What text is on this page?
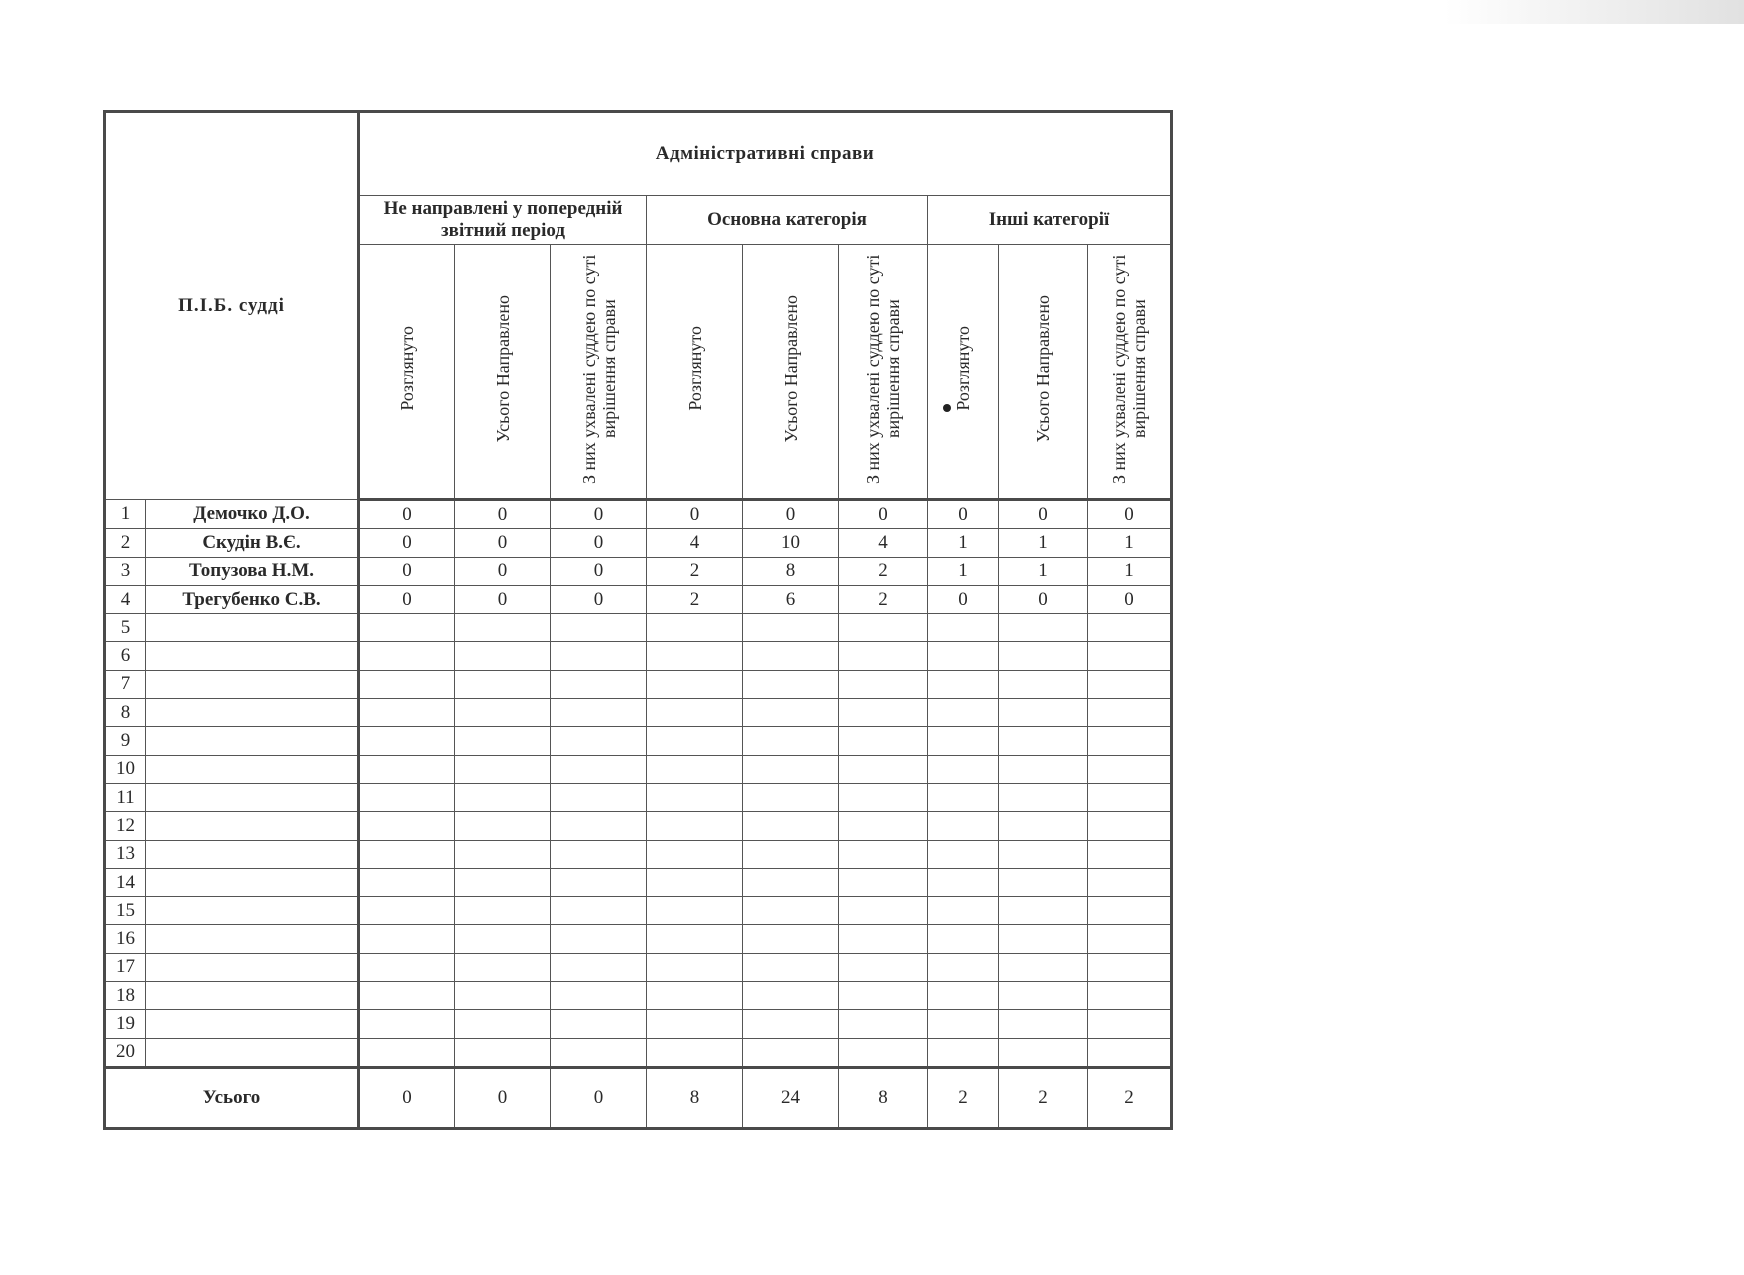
П.І.Б. судді		Адміністративні справи								
		Не направлені у попередній звітний період			Основна категорія			Інші категорії		
		Розглянуто	Усього Направлено	З них ухвалені суддею по суті вирішення справи	Розглянуто	Усього Направлено	З них ухвалені суддею по суті вирішення справи	Розглянуто	Усього Направлено	З них ухвалені суддею по суті вирішення справи
1	Демочко Д.О.	0	0	0	0	0	0	0	0	0
2	Скудін В.Є.	0	0	0	4	10	4	1	1	1
3	Топузова Н.М.	0	0	0	2	8	2	1	1	1
4	Трегубенко С.В.	0	0	0	2	6	2	0	0	0
5										
6										
7										
8										
9										
10										
11										
12										
13										
14										
15										
16										
17										
18										
19										
20										
Усього		0	0	0	8	24	8	2	2	2
